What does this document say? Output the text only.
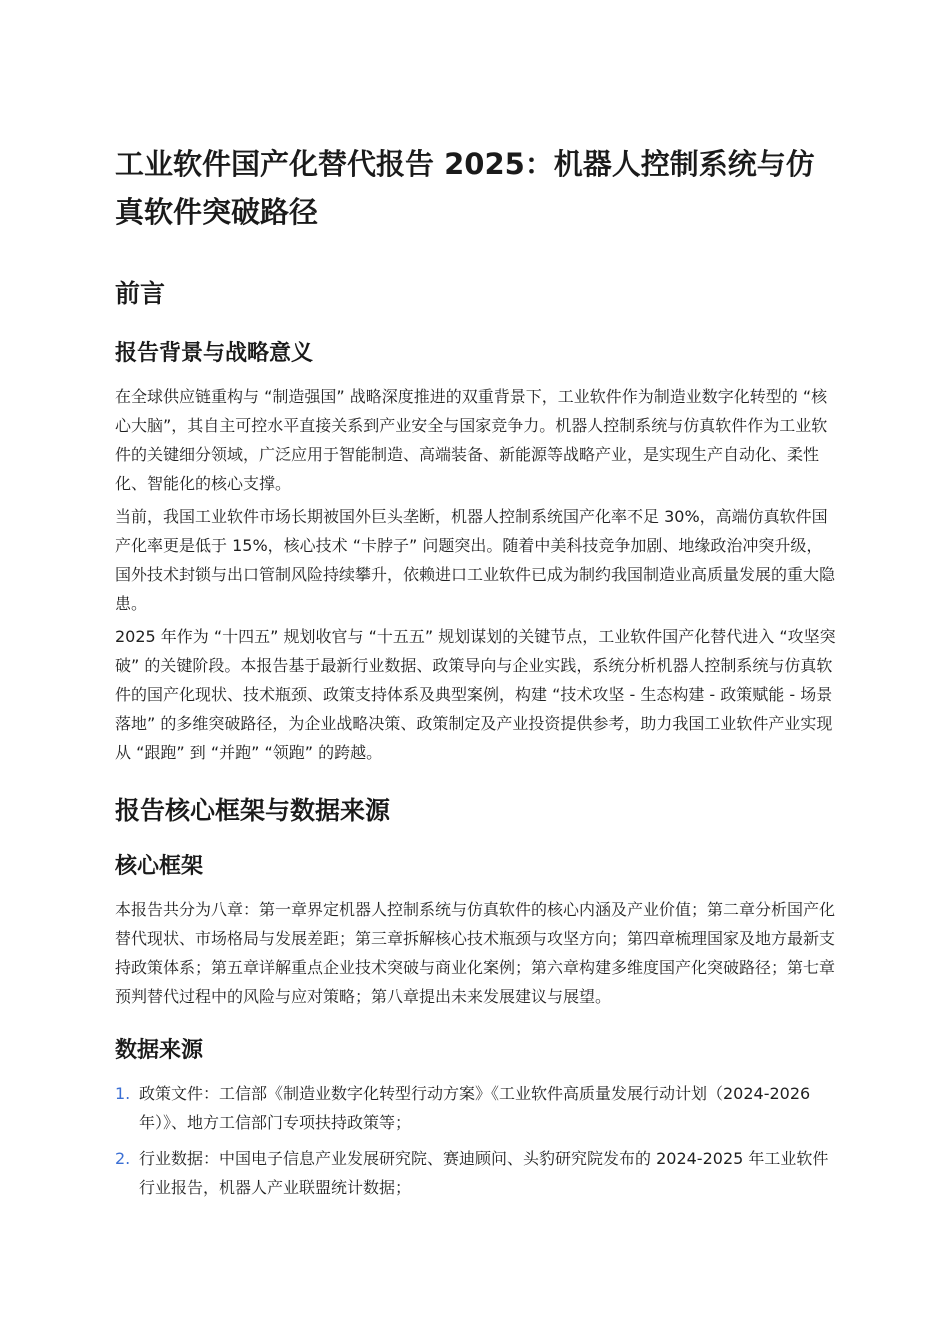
工业软件国产化替代报告 2025：机器人控制系统与仿真软件突破路径
前言
报告背景与战略意义

在全球供应链重构与 “制造强国” 战略深度推进的双重背景下，工业软件作为制造业数字化转型的 “核心大脑”，其自主可控水平直接关系到产业安全与国家竞争力。机器人控制系统与仿真软件作为工业软件的关键细分领域，广泛应用于智能制造、高端装备、新能源等战略产业，是实现生产自动化、柔性化、智能化的核心支撑。

当前，我国工业软件市场长期被国外巨头垄断，机器人控制系统国产化率不足 30%，高端仿真软件国产化率更是低于 15%，核心技术 “卡脖子” 问题突出。随着中美科技竞争加剧、地缘政治冲突升级，国外技术封锁与出口管制风险持续攀升，依赖进口工业软件已成为制约我国制造业高质量发展的重大隐患。

2025 年作为 “十四五” 规划收官与 “十五五” 规划谋划的关键节点，工业软件国产化替代进入 “攻坚突破” 的关键阶段。本报告基于最新行业数据、政策导向与企业实践，系统分析机器人控制系统与仿真软件的国产化现状、技术瓶颈、政策支持体系及典型案例，构建 “技术攻坚 - 生态构建 - 政策赋能 - 场景落地” 的多维突破路径，为企业战略决策、政策制定及产业投资提供参考，助力我国工业软件产业实现从 “跟跑” 到 “并跑” “领跑” 的跨越。

报告核心框架与数据来源
核心框架

本报告共分为八章：第一章界定机器人控制系统与仿真软件的核心内涵及产业价值；第二章分析国产化替代现状、市场格局与发展差距；第三章拆解核心技术瓶颈与攻坚方向；第四章梳理国家及地方最新支持政策体系；第五章详解重点企业技术突破与商业化案例；第六章构建多维度国产化突破路径；第七章预判替代过程中的风险与应对策略；第八章提出未来发展建议与展望。

数据来源
1. 政策文件：工信部《制造业数字化转型行动方案》《工业软件高质量发展行动计划（2024-2026 年）》、地方工信部门专项扶持政策等；
2. 行业数据：中国电子信息产业发展研究院、赛迪顾问、头豹研究院发布的 2024-2025 年工业软件行业报告，机器人产业联盟统计数据；
